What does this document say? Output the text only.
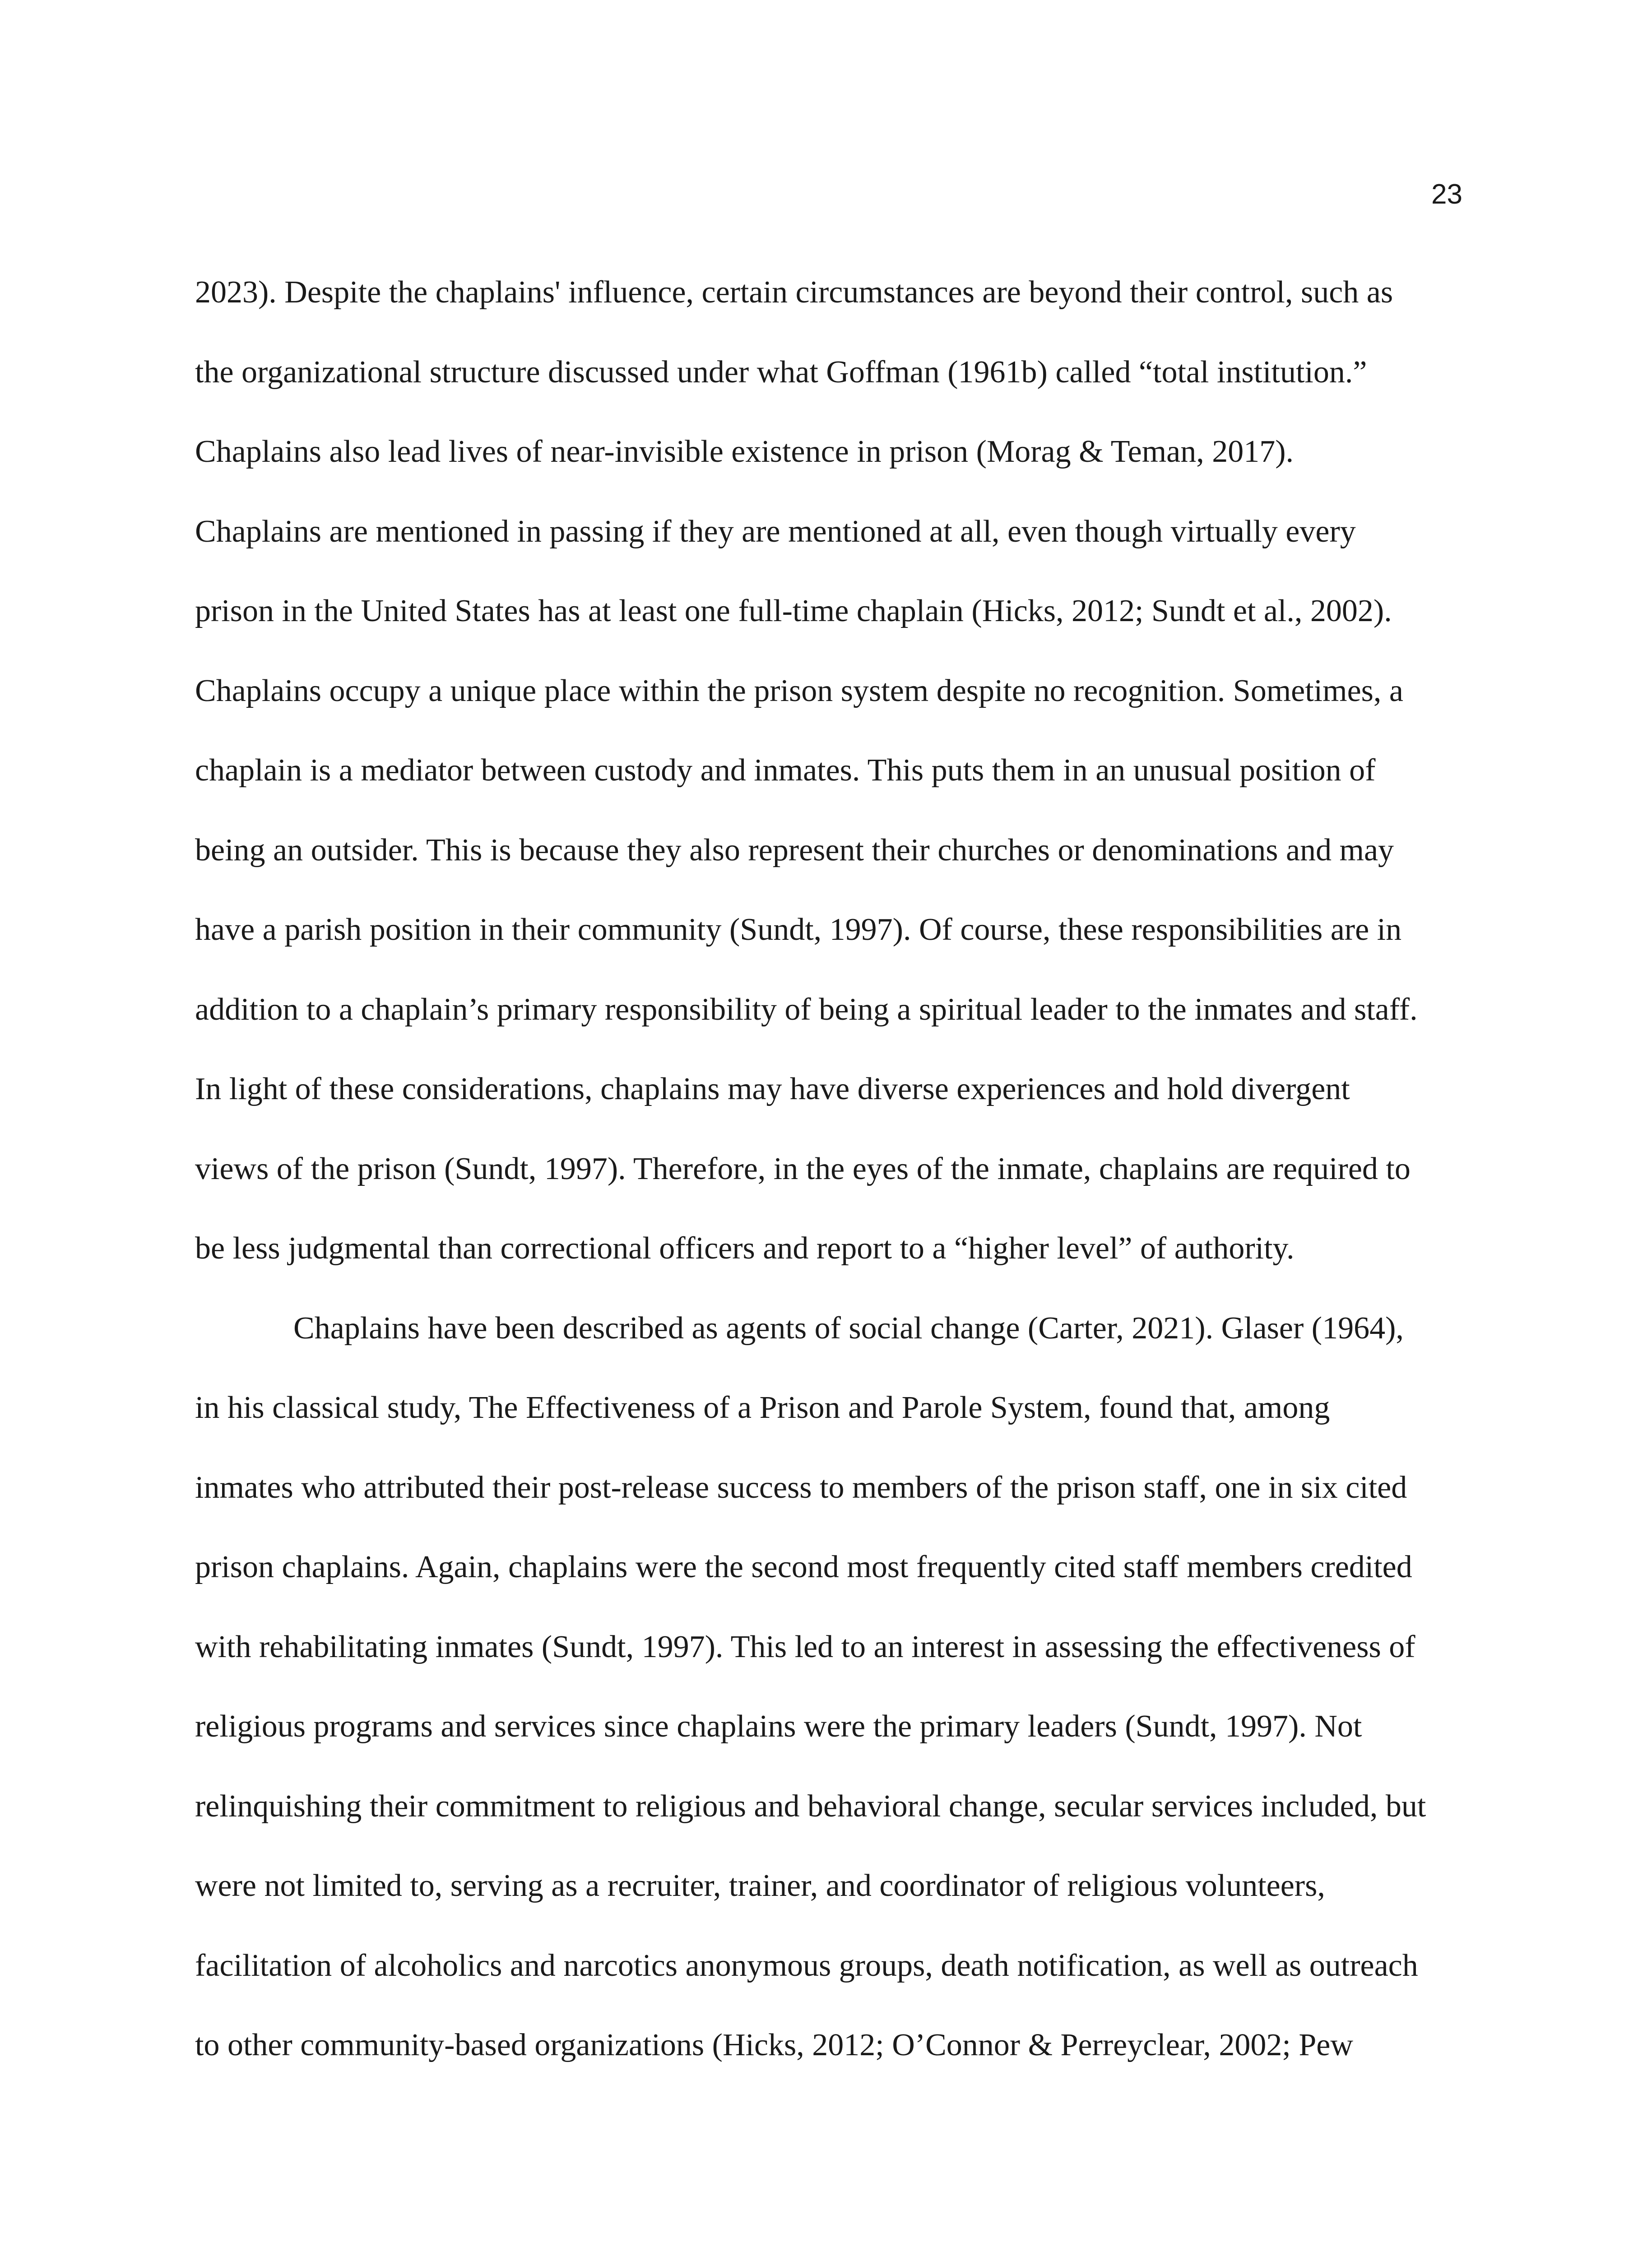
23
2023). Despite the chaplains' influence, certain circumstances are beyond their control, such as
the organizational structure discussed under what Goffman (1961b) called “total institution.”
Chaplains also lead lives of near-invisible existence in prison (Morag & Teman, 2017).
Chaplains are mentioned in passing if they are mentioned at all, even though virtually every
prison in the United States has at least one full-time chaplain (Hicks, 2012; Sundt et al., 2002).
Chaplains occupy a unique place within the prison system despite no recognition. Sometimes, a
chaplain is a mediator between custody and inmates. This puts them in an unusual position of
being an outsider. This is because they also represent their churches or denominations and may
have a parish position in their community (Sundt, 1997). Of course, these responsibilities are in
addition to a chaplain’s primary responsibility of being a spiritual leader to the inmates and staff.
In light of these considerations, chaplains may have diverse experiences and hold divergent
views of the prison (Sundt, 1997). Therefore, in the eyes of the inmate, chaplains are required to
be less judgmental than correctional officers and report to a “higher level” of authority.
Chaplains have been described as agents of social change (Carter, 2021). Glaser (1964),
in his classical study, The Effectiveness of a Prison and Parole System, found that, among
inmates who attributed their post-release success to members of the prison staff, one in six cited
prison chaplains. Again, chaplains were the second most frequently cited staff members credited
with rehabilitating inmates (Sundt, 1997). This led to an interest in assessing the effectiveness of
religious programs and services since chaplains were the primary leaders (Sundt, 1997). Not
relinquishing their commitment to religious and behavioral change, secular services included, but
were not limited to, serving as a recruiter, trainer, and coordinator of religious volunteers,
facilitation of alcoholics and narcotics anonymous groups, death notification, as well as outreach
to other community-based organizations (Hicks, 2012; O’Connor & Perreyclear, 2002; Pew
